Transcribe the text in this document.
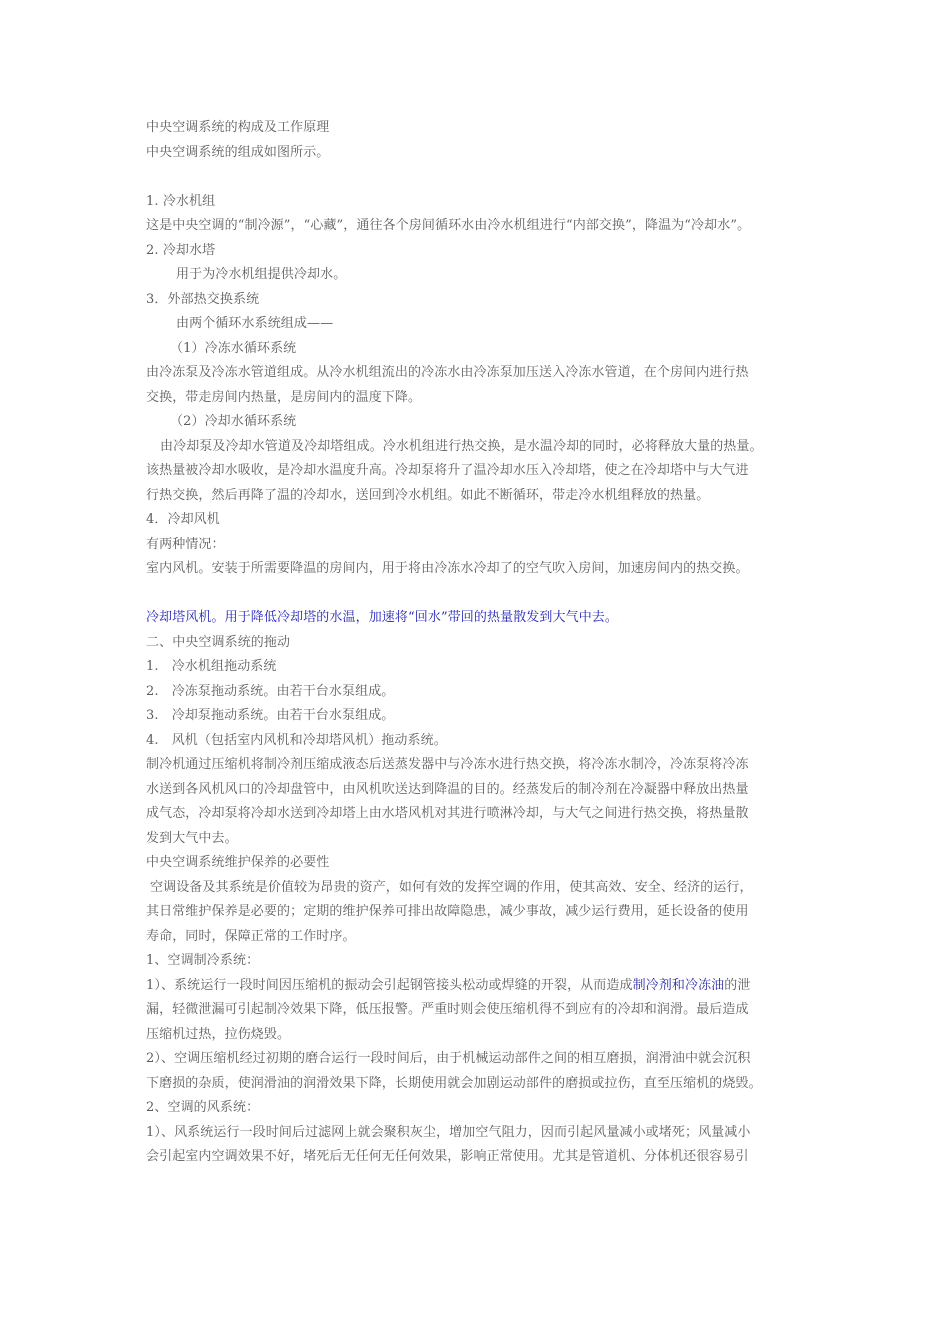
中央空调系统的构成及工作原理
中央空调系统的组成如图所示。
1. 冷水机组
这是中央空调的“制冷源”，“心藏”，通往各个房间循环水由冷水机组进行“内部交换”，降温为“冷却水”。
2. 冷却水塔
用于为冷水机组提供冷却水。
3．外部热交换系统
由两个循环水系统组成——
（1）冷冻水循环系统
由冷冻泵及冷冻水管道组成。从冷水机组流出的冷冻水由冷冻泵加压送入冷冻水管道，在个房间内进行热
交换，带走房间内热量，是房间内的温度下降。
（2）冷却水循环系统
由冷却泵及冷却水管道及冷却塔组成。冷水机组进行热交换，是水温冷却的同时，必将释放大量的热量。
该热量被冷却水吸收，是冷却水温度升高。冷却泵将升了温冷却水压入冷却塔，使之在冷却塔中与大气进
行热交换，然后再降了温的冷却水，送回到冷水机组。如此不断循环，带走冷水机组释放的热量。
4．冷却风机
有两种情况：
室内风机。安装于所需要降温的房间内，用于将由冷冻水冷却了的空气吹入房间，加速房间内的热交换。
冷却塔风机。用于降低冷却塔的水温，加速将“回水”带回的热量散发到大气中去。
二、中央空调系统的拖动
1.　冷水机组拖动系统
2.　冷冻泵拖动系统。由若干台水泵组成。
3.　冷却泵拖动系统。由若干台水泵组成。
4.　风机（包括室内风机和冷却塔风机）拖动系统。
制冷机通过压缩机将制冷剂压缩成液态后送蒸发器中与冷冻水进行热交换，将冷冻水制冷，冷冻泵将冷冻
水送到各风机风口的冷却盘管中，由风机吹送达到降温的目的。经蒸发后的制冷剂在冷凝器中释放出热量
成气态，冷却泵将冷却水送到冷却塔上由水塔风机对其进行喷淋冷却，与大气之间进行热交换，将热量散
发到大气中去。
中央空调系统维护保养的必要性
空调设备及其系统是价值较为昂贵的资产，如何有效的发挥空调的作用，使其高效、安全、经济的运行，
其日常维护保养是必要的；定期的维护保养可排出故障隐患，减少事故，减少运行费用，延长设备的使用
寿命，同时，保障正常的工作时序。
1、空调制冷系统：
1）、系统运行一段时间因压缩机的振动会引起钢管接头松动或焊缝的开裂，从而造成制冷剂和冷冻油的泄
漏，轻微泄漏可引起制冷效果下降，低压报警。严重时则会使压缩机得不到应有的冷却和润滑。最后造成
压缩机过热，拉伤烧毁。
2）、空调压缩机经过初期的磨合运行一段时间后，由于机械运动部件之间的相互磨损，润滑油中就会沉积
下磨损的杂质，使润滑油的润滑效果下降，长期使用就会加剧运动部件的磨损或拉伤，直至压缩机的烧毁。
2、空调的风系统：
1）、风系统运行一段时间后过滤网上就会聚积灰尘，增加空气阻力，因而引起风量减小或堵死；风量减小
会引起室内空调效果不好，堵死后无任何无任何效果，影响正常使用。尤其是管道机、分体机还很容易引
